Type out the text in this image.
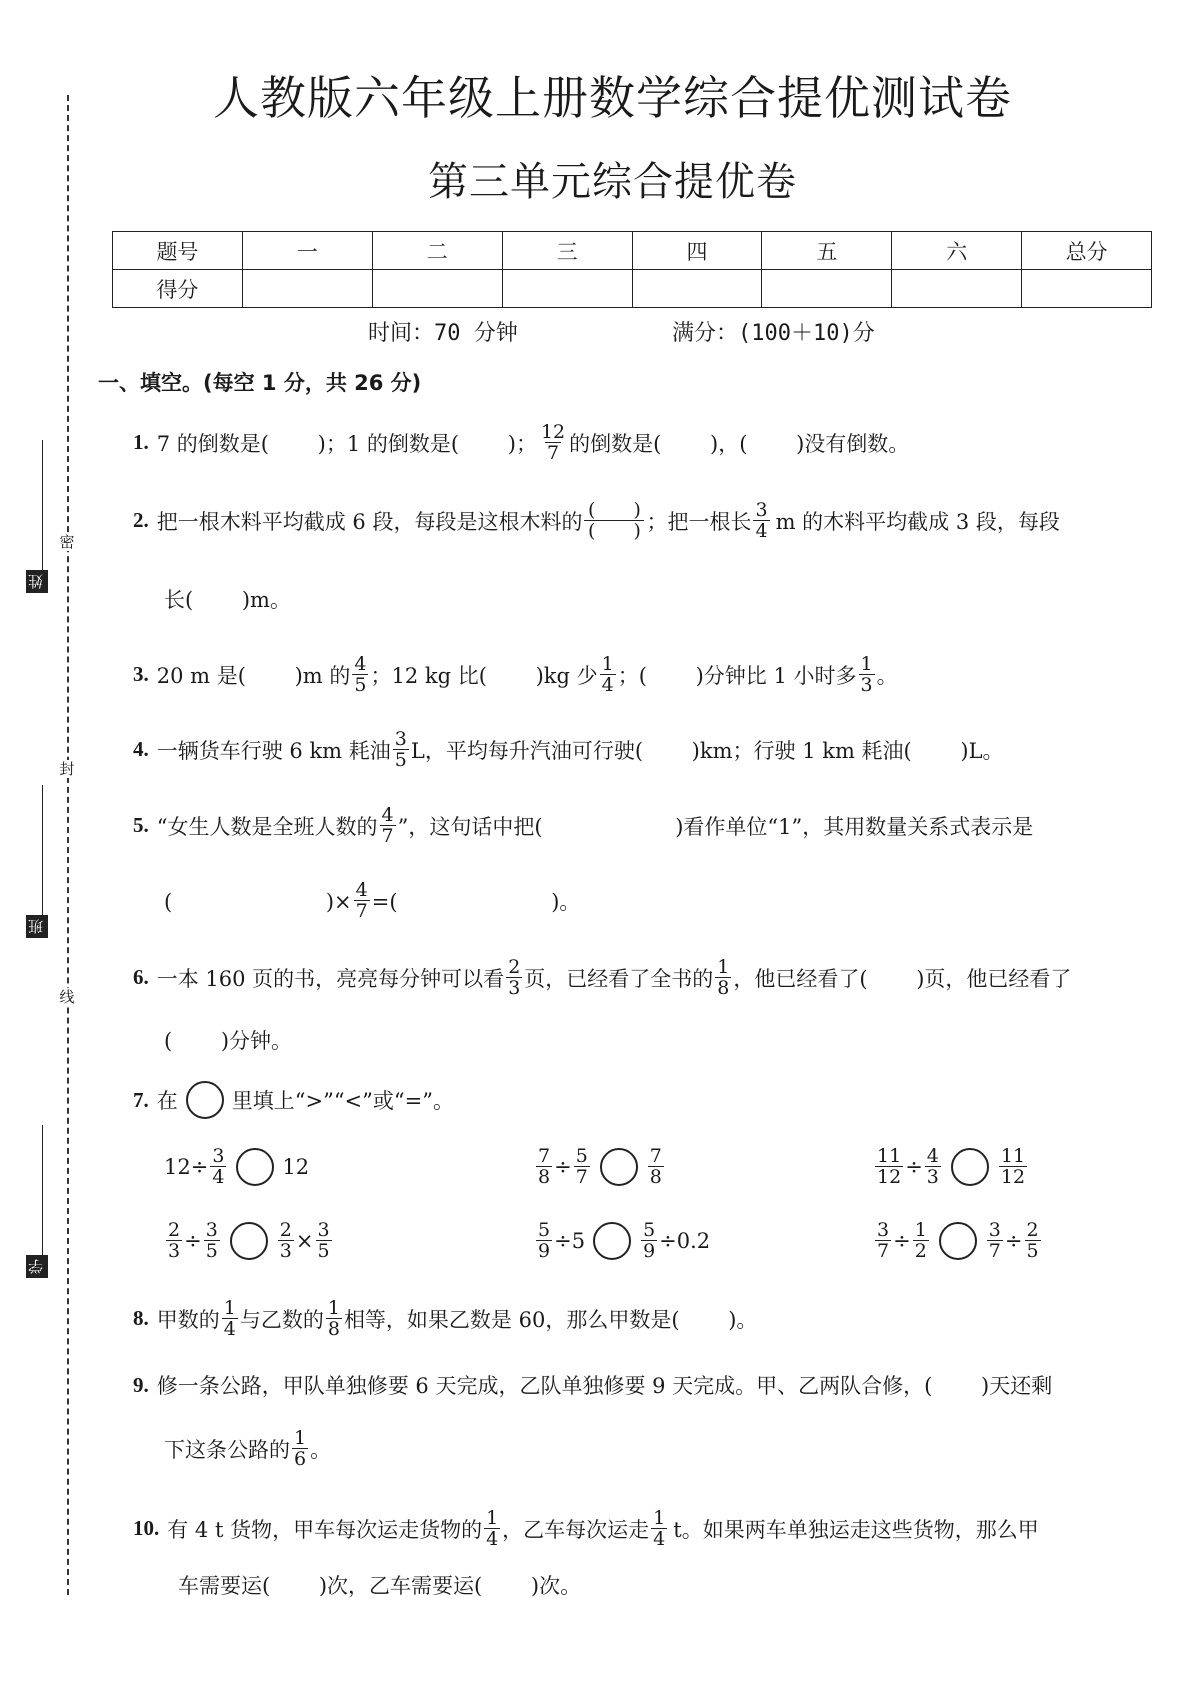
密
封
线
姓名
班级
学校
人教版六年级上册数学综合提优测试卷
第三单元综合提优卷
题号	一	二	三	四	五	六	总分
得分							
时间：70 分钟	满分：(100＋10)分
一、填空。(每空 1 分，共 26 分)
1. 7 的倒数是(　　 )；1 的倒数是(　　 )； $\frac{12}{7}$ 的倒数是(　　 )，(　　 )没有倒数。
2. 把一根木料平均截成 6 段，每段是这根木料的 $\frac{( )}{( )}$ ；把一根长 $\frac{3}{4}$ m 的木料平均截成 3 段，每段
长(　　 )m。
3. 20 m 是(　　 )m 的 $\frac{4}{5}$ ；12 kg 比(　　 )kg 少 $\frac{1}{4}$ ；(　　 )分钟比 1 小时多 $\frac{1}{3}$ 。
4. 一辆货车行驶 6 km 耗油 $\frac{3}{5}$ L，平均每升汽油可行驶(　　 )km；行驶 1 km 耗油(　　 )L。
5. “女生人数是全班人数的 $\frac{4}{7}$ ”，这句话中把(　　　　　　 )看作单位“1”，其用数量关系式表示是
(　　　　　　　 )× $\frac{4}{7}$ =(　　　　　　　 )。
6. 一本 160 页的书，亮亮每分钟可以看 $\frac{2}{3}$ 页，已经看了全书的 $\frac{1}{8}$ ，他已经看了(　　 )页，他已经看了
(　　 )分钟。
7. 在	里填上“>”“<”或“=”。
$12\div \frac{3}{4}$	12	$\frac{7}{8} \div \frac{5}{7}$	$\frac{7}{8}$	$\frac{11}{12} \div \frac{4}{3}$	$\frac{11}{12}$
$\frac{2}{3} \div \frac{3}{5}$	$\frac{2}{3} \times \frac{3}{5}$	$\frac{5}{9} \div 5$	$\frac{5}{9} \div 0.2$	$\frac{3}{7} \div \frac{1}{2}$	$\frac{3}{7} \div \frac{2}{5}$
8. 甲数的 $\frac{1}{4}$ 与乙数的 $\frac{1}{8}$ 相等，如果乙数是 60，那么甲数是(　　 )。
9. 修一条公路，甲队单独修要 6 天完成，乙队单独修要 9 天完成。甲、乙两队合修，(　　 )天还剩
下这条公路的 $\frac{1}{6}$ 。
10. 有 4 t 货物，甲车每次运走货物的 $\frac{1}{4}$ ，乙车每次运走 $\frac{1}{4}$ t。如果两车单独运走这些货物，那么甲
车需要运(　　 )次，乙车需要运(　　 )次。
